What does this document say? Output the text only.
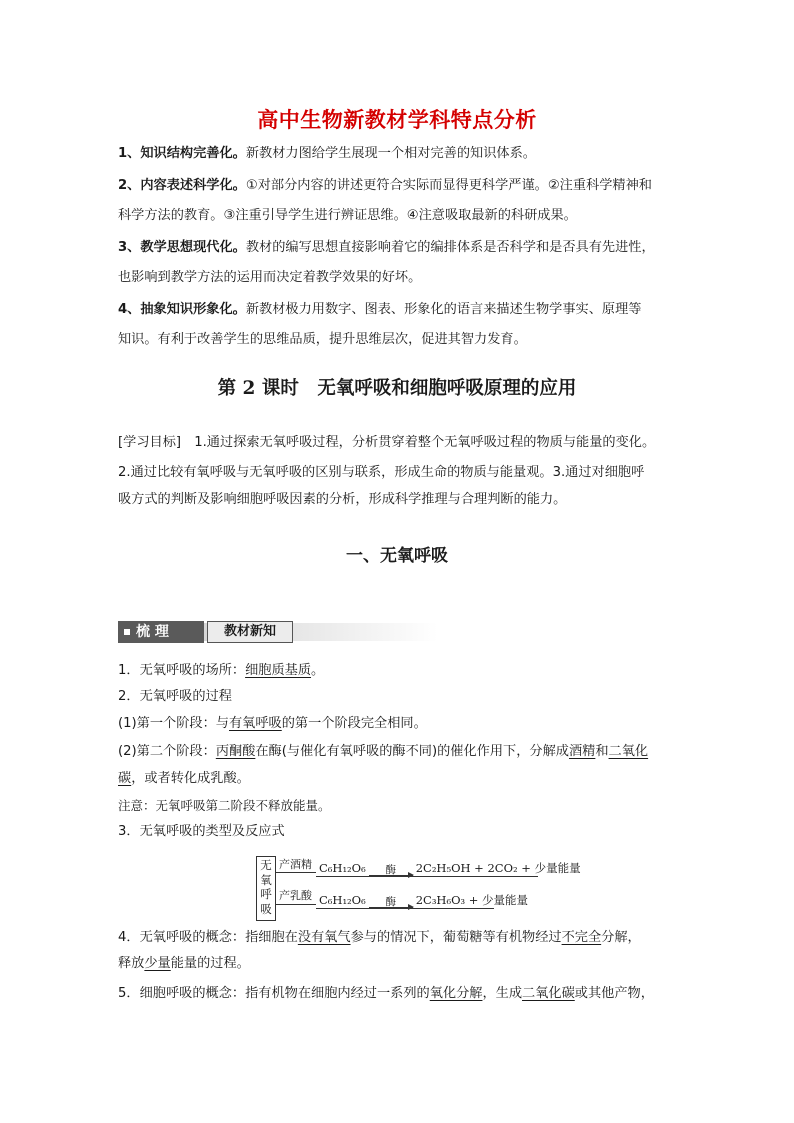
高中生物新教材学科特点分析
1、知识结构完善化。新教材力图给学生展现一个相对完善的知识体系。
2、内容表述科学化。①对部分内容的讲述更符合实际而显得更科学严谨。②注重科学精神和
科学方法的教育。③注重引导学生进行辨证思维。④注意吸取最新的科研成果。
3、教学思想现代化。教材的编写思想直接影响着它的编排体系是否科学和是否具有先进性，
也影响到教学方法的运用而决定着教学效果的好坏。
4、抽象知识形象化。新教材极力用数字、图表、形象化的语言来描述生物学事实、原理等
知识。有利于改善学生的思维品质，提升思维层次，促进其智力发育。
第 2 课时　无氧呼吸和细胞呼吸原理的应用
[学习目标]　1.通过探索无氧呼吸过程，分析贯穿着整个无氧呼吸过程的物质与能量的变化。
2.通过比较有氧呼吸与无氧呼吸的区别与联系，形成生命的物质与能量观。3.通过对细胞呼
吸方式的判断及影响细胞呼吸因素的分析，形成科学推理与合理判断的能力。
一、无氧呼吸
梳 理	教材新知
1．无氧呼吸的场所：细胞质基质。
2．无氧呼吸的过程
(1)第一个阶段：与有氧呼吸的第一个阶段完全相同。
(2)第二个阶段：丙酮酸在酶(与催化有氧呼吸的酶不同)的催化作用下，分解成酒精和二氧化
碳，或者转化成乳酸。
注意：无氧呼吸第二阶段不释放能量。
3．无氧呼吸的类型及反应式
无
氧
呼
吸
产酒精
产乳酸
C₆H₁₂O₆	酶	2C₂H₅OH + 2CO₂ + 少量能量
C₆H₁₂O₆	酶	2C₃H₆O₃ + 少量能量
4．无氧呼吸的概念：指细胞在没有氧气参与的情况下，葡萄糖等有机物经过不完全分解，
释放少量能量的过程。
5．细胞呼吸的概念：指有机物在细胞内经过一系列的氧化分解，生成二氧化碳或其他产物，
